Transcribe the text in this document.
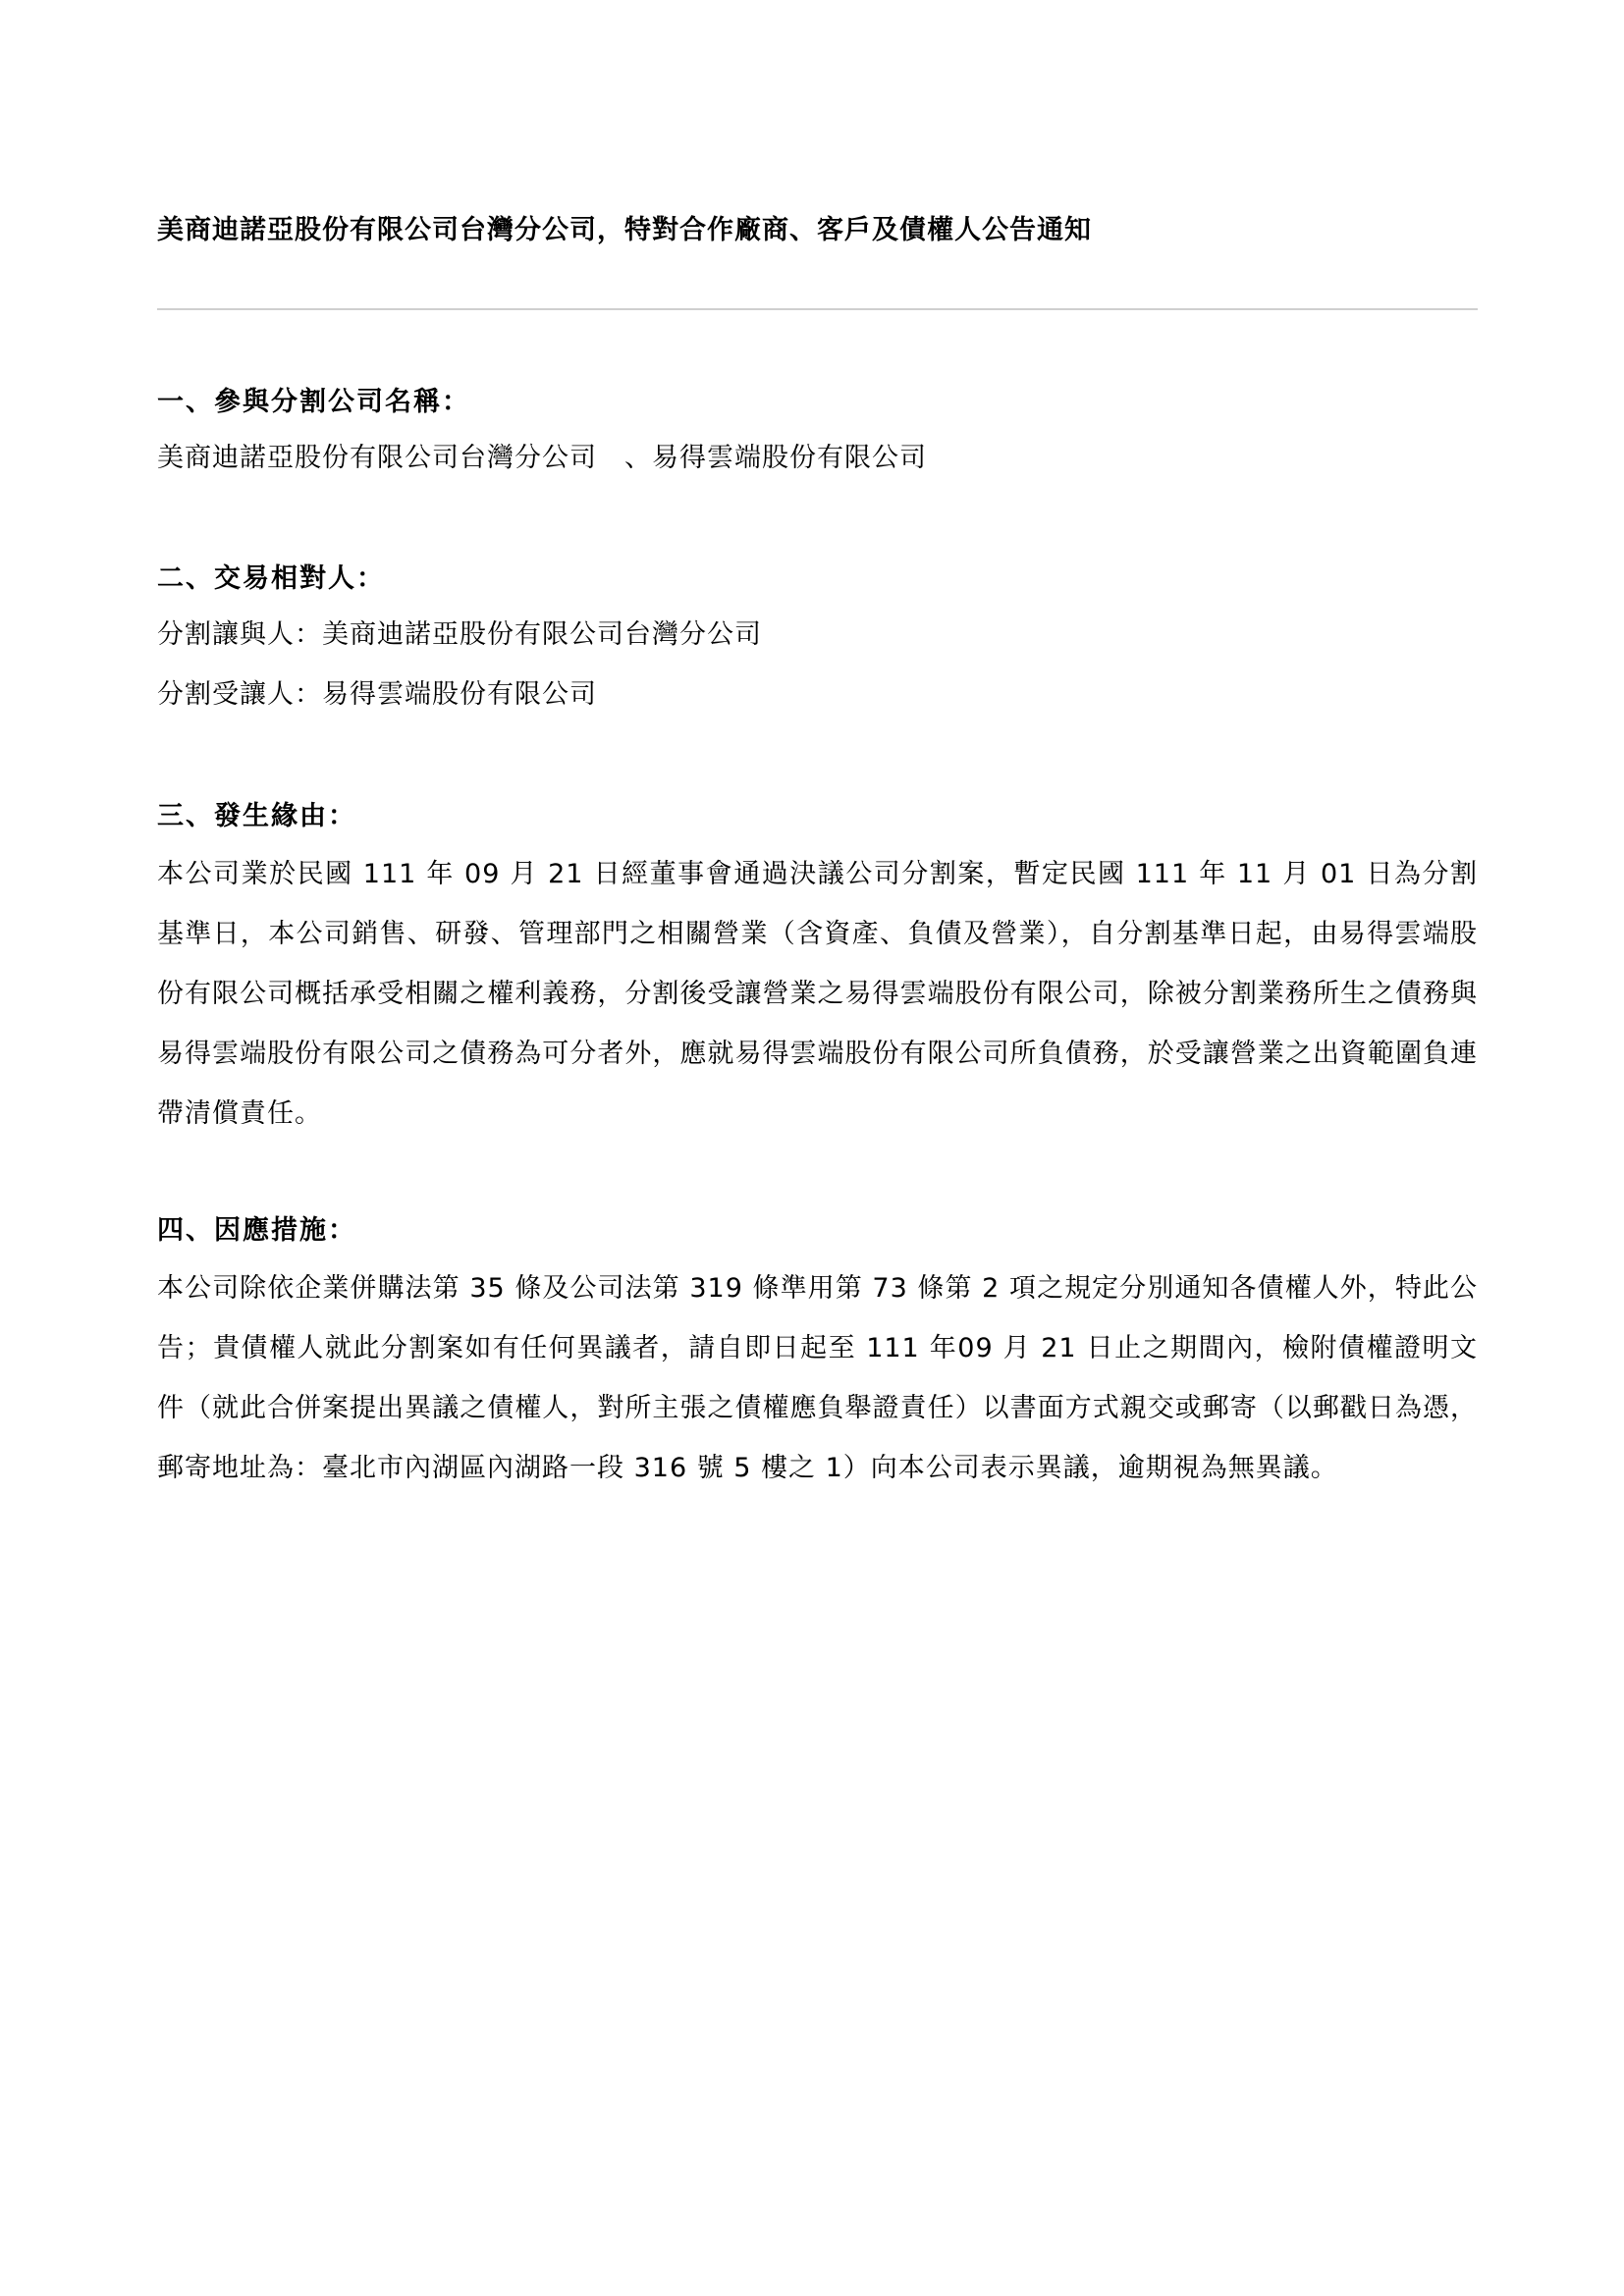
美商迪諾亞股份有限公司台灣分公司，特對合作廠商、客戶及債權人公告通知
一、參與分割公司名稱：
美商迪諾亞股份有限公司台灣分公司　、易得雲端股份有限公司
二、交易相對人：
分割讓與人：美商迪諾亞股份有限公司台灣分公司
分割受讓人：易得雲端股份有限公司
三、發生緣由：
本公司業於民國 111 年 09 月 21 日經董事會通過決議公司分割案，暫定民國 111 年 11 月 01 日為分割基準日，本公司銷售、研發、管理部門之相關營業（含資產、負債及營業），自分割基準日起，由易得雲端股份有限公司概括承受相關之權利義務，分割後受讓營業之易得雲端股份有限公司，除被分割業務所生之債務與易得雲端股份有限公司之債務為可分者外，應就易得雲端股份有限公司所負債務，於受讓營業之出資範圍負連帶清償責任。
四、因應措施：
本公司除依企業併購法第 35 條及公司法第 319 條準用第 73 條第 2 項之規定分別通知各債權人外，特此公告；貴債權人就此分割案如有任何異議者，請自即日起至 111 年09 月 21 日止之期間內，檢附債權證明文件（就此合併案提出異議之債權人，對所主張之債權應負舉證責任）以書面方式親交或郵寄（以郵戳日為憑，郵寄地址為：臺北市內湖區內湖路一段 316 號 5 樓之 1）向本公司表示異議，逾期視為無異議。
